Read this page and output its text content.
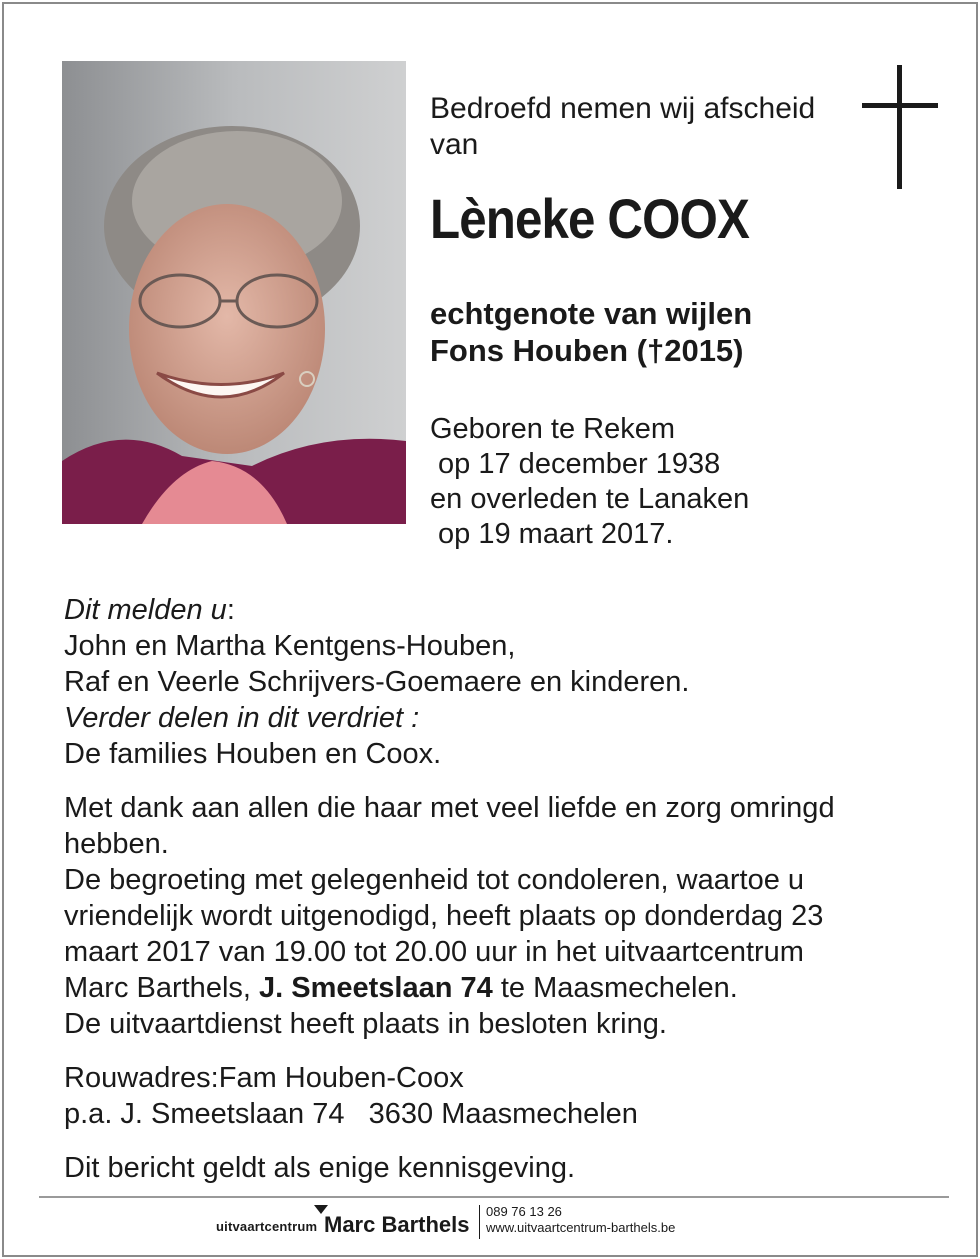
Bedroefd nemen wij afscheid
van
Lèneke COOX
echtgenote van wijlen
Fons Houben (†2015)
Geboren te Rekem
op 17 december 1938
en overleden te Lanaken
op 19 maart 2017.
Dit melden u:
John en Martha Kentgens-Houben,
Raf en Veerle Schrijvers-Goemaere en kinderen.
Verder delen in dit verdriet :
De families Houben en Coox.
Met dank aan allen die haar met veel liefde en zorg omringd
hebben.
De begroeting met gelegenheid tot condoleren, waartoe u
vriendelijk wordt uitgenodigd, heeft plaats op donderdag 23
maart 2017 van 19.00 tot 20.00 uur in het uitvaartcentrum
Marc Barthels, J. Smeetslaan 74 te Maasmechelen.
De uitvaartdienst heeft plaats in besloten kring.
Rouwadres:Fam Houben-Coox
p.a. J. Smeetslaan 74   3630 Maasmechelen
Dit bericht geldt als enige kennisgeving.
uitvaartcentrum Marc Barthels
089 76 13 26
www.uitvaartcentrum-barthels.be
